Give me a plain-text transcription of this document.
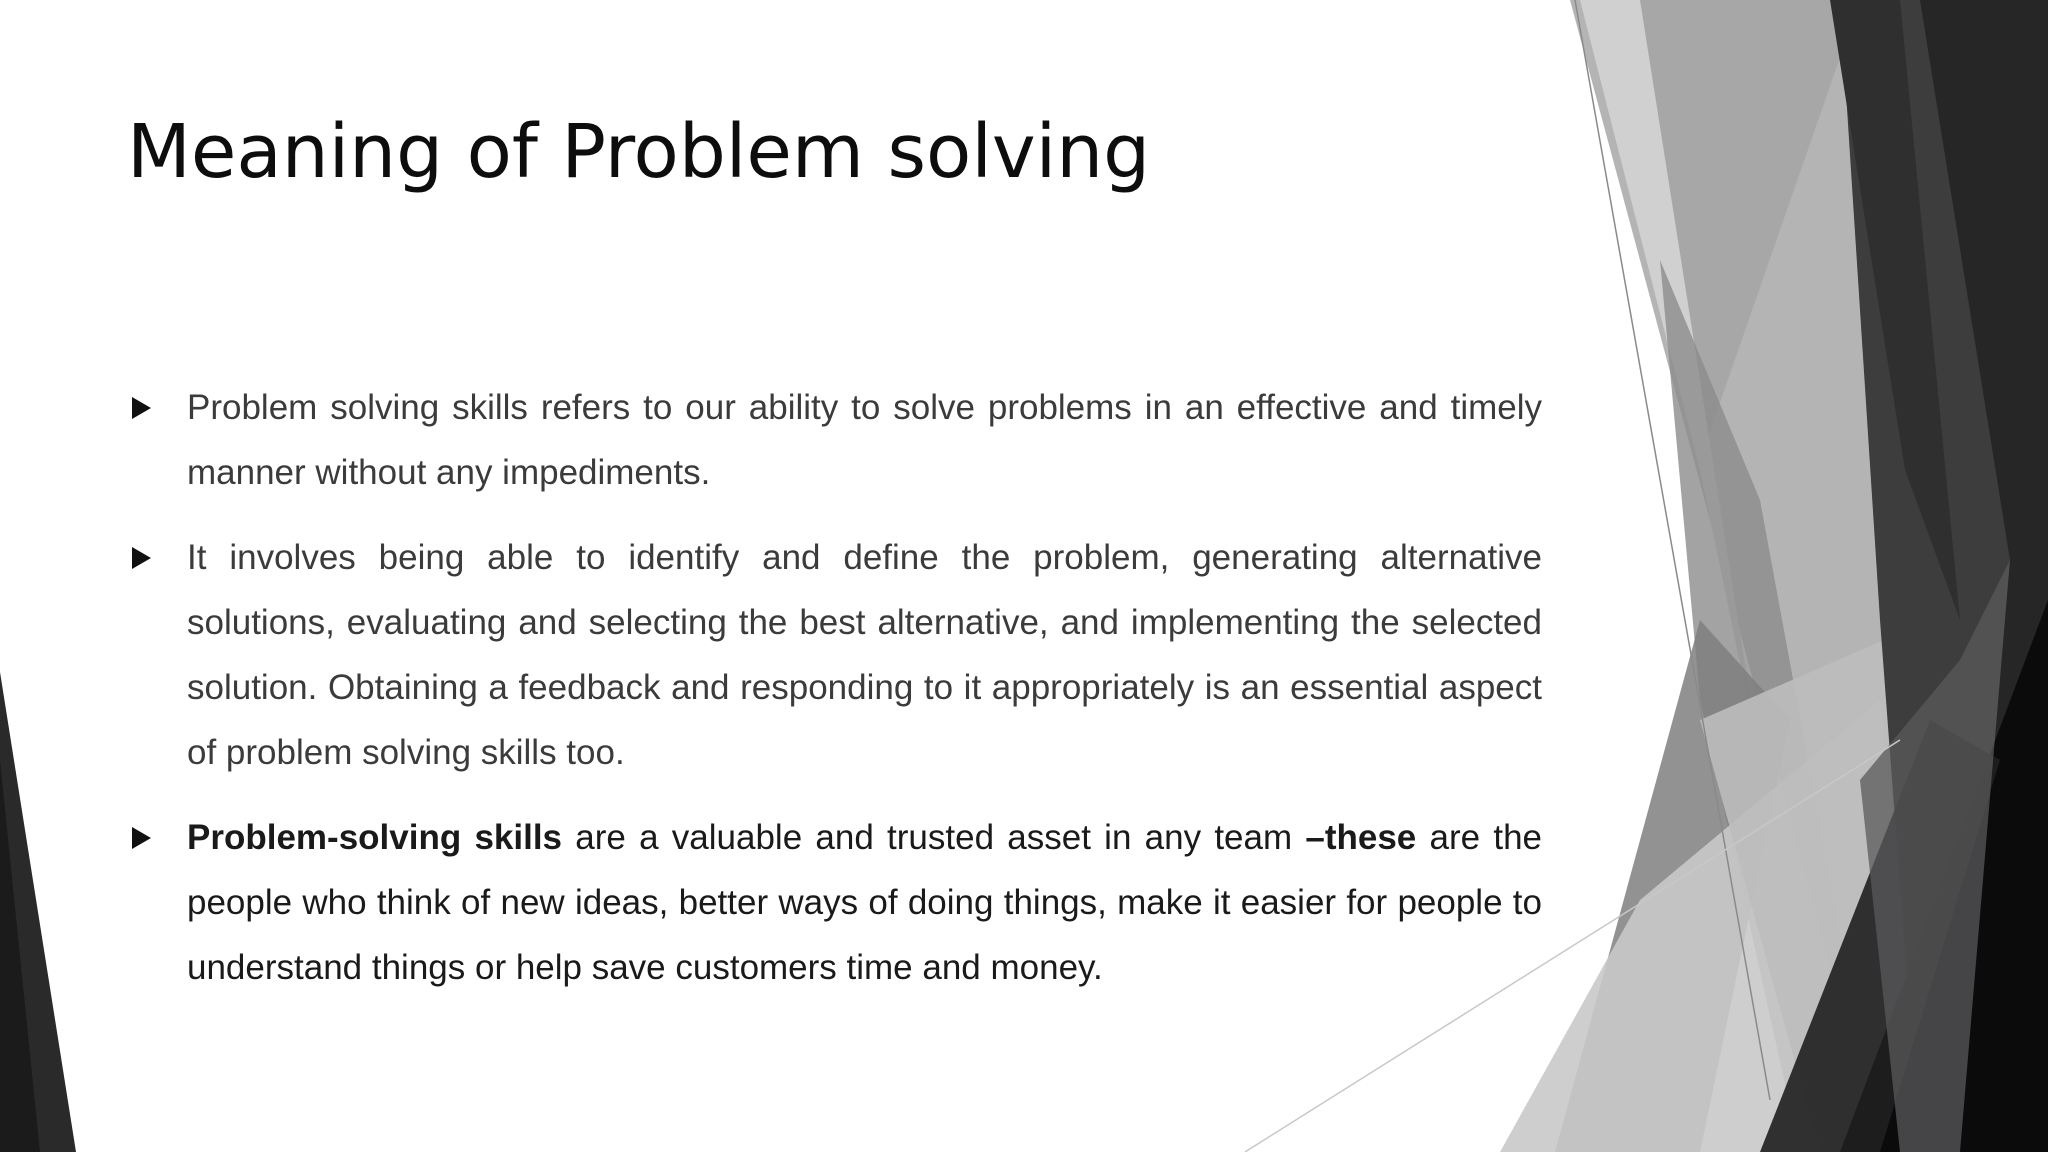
Meaning of Problem solving
Problem solving skills refers to our ability to solve problems in an effective and timely manner without any impediments.
It involves being able to identify and define the problem, generating alternative solutions, evaluating and selecting the best alternative, and implementing the selected solution. Obtaining a feedback and responding to it appropriately is an essential aspect of problem solving skills too.
Problem-solving skills are a valuable and trusted asset in any team –these are the people who think of new ideas, better ways of doing things, make it easier for people to understand things or help save customers time and money.
